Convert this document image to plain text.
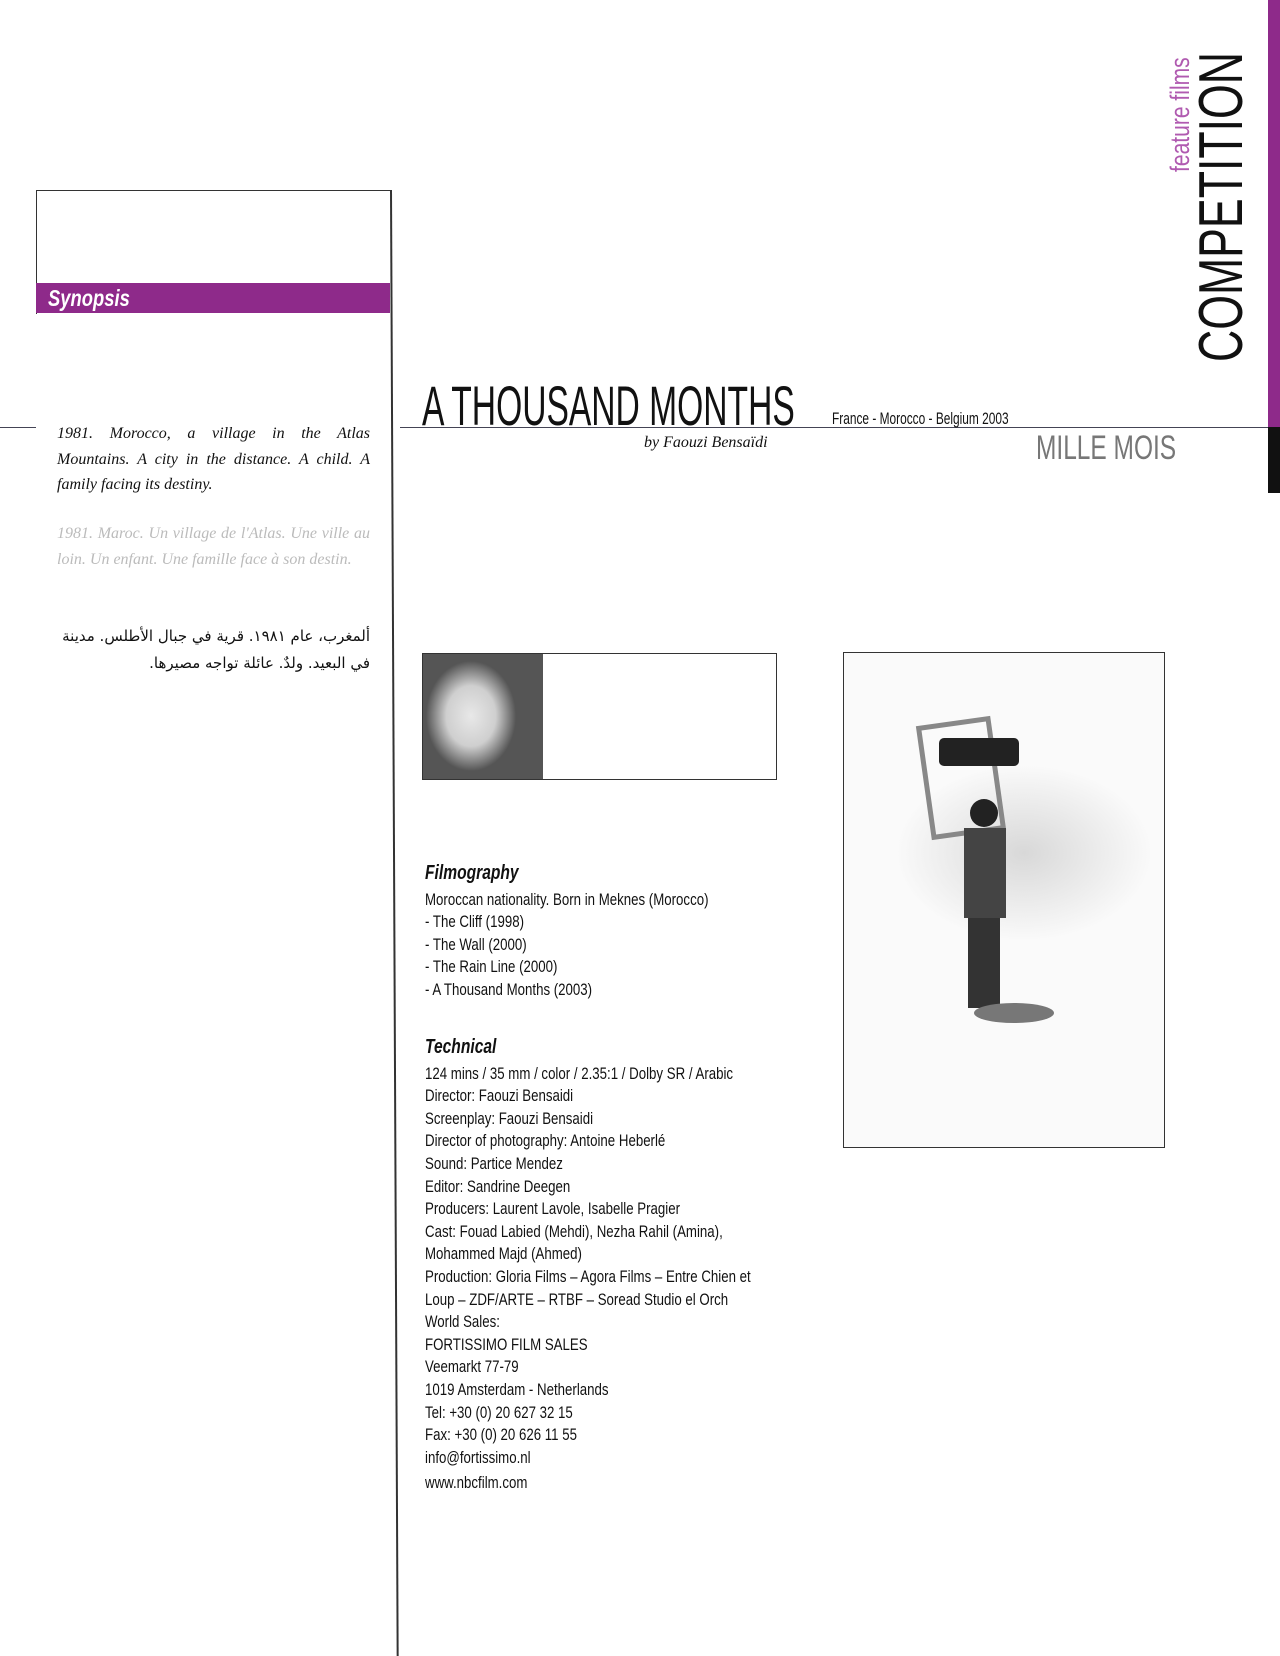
Synopsis
1981. Morocco, a village in the Atlas Mountains. A city in the distance. A child. A family facing its destiny.
1981. Maroc. Un village de l'Atlas. Une ville au loin. Un enfant. Une famille face à son destin.
ألمغرب، عام ١٩٨١. قرية في جبال الأطلس. مدينة في البعيد. ولدٌ. عائلة تواجه مصيرها.
A THOUSAND MONTHS France - Morocco - Belgium 2003
by Faouzi Bensaïdi	MILLE MOIS
COMPETITION
feature films
Filmography
Moroccan nationality. Born in Meknes (Morocco)
- The Cliff (1998)
- The Wall (2000)
- The Rain Line (2000)
- A Thousand Months (2003)
Technical
124 mins / 35 mm / color / 2.35:1 / Dolby SR / Arabic
Director: Faouzi Bensaidi
Screenplay: Faouzi Bensaidi
Director of photography: Antoine Heberlé
Sound: Partice Mendez
Editor: Sandrine Deegen
Producers: Laurent Lavole, Isabelle Pragier
Cast: Fouad Labied (Mehdi), Nezha Rahil (Amina),
Mohammed Majd (Ahmed)
Production: Gloria Films – Agora Films – Entre Chien et
Loup – ZDF/ARTE – RTBF – Soread Studio el Orch
World Sales:
FORTISSIMO FILM SALES
Veemarkt 77-79
1019 Amsterdam - Netherlands
Tel: +30 (0) 20 627 32 15
Fax: +30 (0) 20 626 11 55
info@fortissimo.nl
www.nbcfilm.com
